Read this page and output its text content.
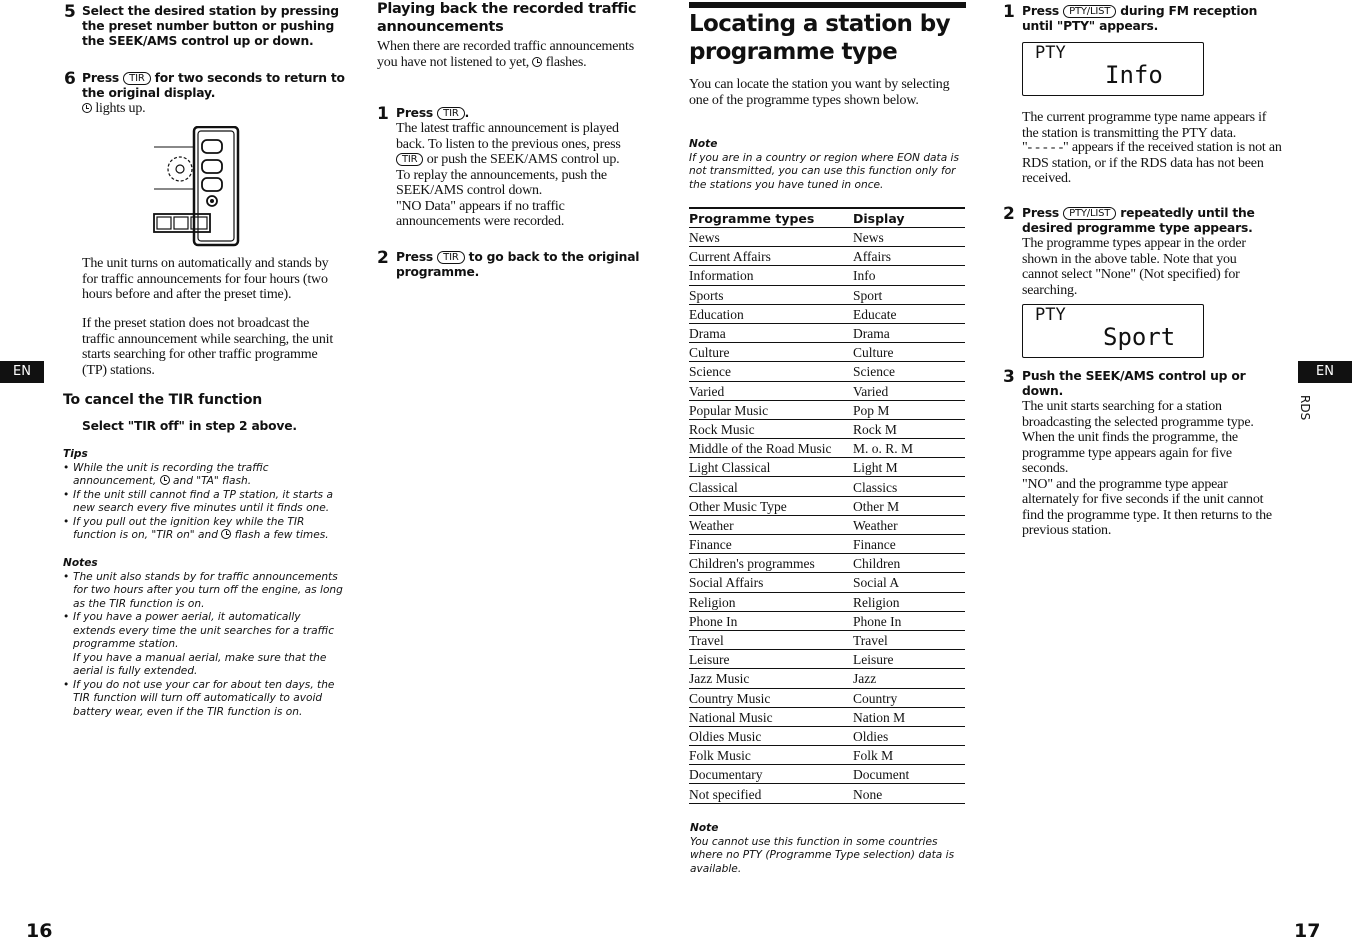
5 Select the desired station by pressing the preset number button or pushing the SEEK/AMS control up or down.
6 Press TIR for two seconds to return to the original display.
lights up.
The unit turns on automatically and stands by for traffic announcements for four hours (two hours before and after the preset time).
If the preset station does not broadcast the traffic announcement while searching, the unit starts searching for other traffic programme (TP) stations.
To cancel the TIR function
Select "TIR off" in step 2 above.
Tips
• While the unit is recording the traffic announcement, and "TA" flash.
• If the unit still cannot find a TP station, it starts a new search every five minutes until it finds one.
• If you pull out the ignition key while the TIR function is on, "TIR on" and flash a few times.
Notes
• The unit also stands by for traffic announcements for two hours after you turn off the engine, as long as the TIR function is on.
• If you have a power aerial, it automatically extends every time the unit searches for a traffic programme station.
If you have a manual aerial, make sure that the aerial is fully extended.
• If you do not use your car for about ten days, the TIR function will turn off automatically to avoid battery wear, even if the TIR function is on.
EN
16
Playing back the recorded traffic announcements
When there are recorded traffic announcements you have not listened to yet, flashes.
1 Press TIR .
The latest traffic announcement is played back. To listen to the previous ones, press TIR or push the SEEK/AMS control up.
To replay the announcements, push the SEEK/AMS control down.
"NO Data" appears if no traffic announcements were recorded.
2 Press TIR to go back to the original programme.
Locating a station by programme type
You can locate the station you want by selecting one of the programme types shown below.
Note
If you are in a country or region where EON data is not transmitted, you can use this function only for the stations you have tuned in once.
Programme types	Display
News	News
Current Affairs	Affairs
Information	Info
Sports	Sport
Education	Educate
Drama	Drama
Culture	Culture
Science	Science
Varied	Varied
Popular Music	Pop M
Rock Music	Rock M
Middle of the Road Music	M. o. R. M
Light Classical	Light M
Classical	Classics
Other Music Type	Other M
Weather	Weather
Finance	Finance
Children's programmes	Children
Social Affairs	Social A
Religion	Religion
Phone In	Phone In
Travel	Travel
Leisure	Leisure
Jazz Music	Jazz
Country Music	Country
National Music	Nation M
Oldies Music	Oldies
Folk Music	Folk M
Documentary	Document
Not specified	None
Note
You cannot use this function in some countries where no PTY (Programme Type selection) data is available.
1 Press PTY/LIST during FM reception until "PTY" appears.
PTY
Info
The current programme type name appears if the station is transmitting the PTY data.
"- - - - -" appears if the received station is not an RDS station, or if the RDS data has not been received.
2 Press PTY/LIST repeatedly until the desired programme type appears.
The programme types appear in the order shown in the above table. Note that you cannot select "None" (Not specified) for searching.
PTY
Sport
3 Push the SEEK/AMS control up or down.
The unit starts searching for a station broadcasting the selected programme type. When the unit finds the programme, the programme type appears again for five seconds.
"NO" and the programme type appear alternately for five seconds if the unit cannot find the programme type. It then returns to the previous station.
EN
RDS
17
